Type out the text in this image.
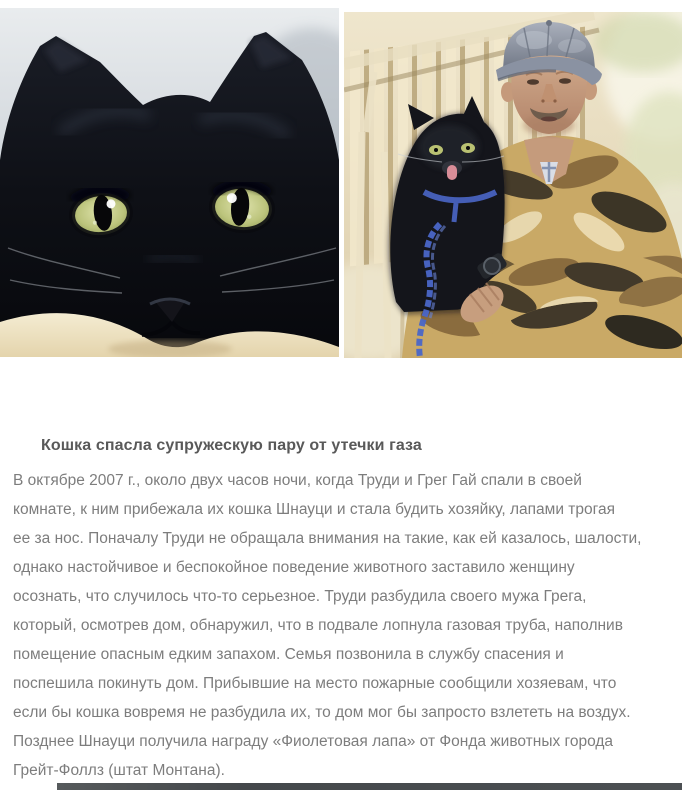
Кошка спасла супружескую пару от утечки газа

В октябре 2007 г., около двух часов ночи, когда Труди и Грег Гай спали в своей

комнате, к ним прибежала их кошка Шнауци и стала будить хозяйку, лапами трогая

ее за нос. Поначалу Труди не обращала внимания на такие, как ей казалось, шалости,

однако настойчивое и беспокойное поведение животного заставило женщину

осознать, что случилось что-то серьезное. Труди разбудила своего мужа Грега,

который, осмотрев дом, обнаружил, что в подвале лопнула газовая труба, наполнив

помещение опасным едким запахом. Семья позвонила в службу спасения и

поспешила покинуть дом. Прибывшие на место пожарные сообщили хозяевам, что

если бы кошка вовремя не разбудила их, то дом мог бы запросто взлететь на воздух.

Позднее Шнауци получила награду «Фиолетовая лапа» от Фонда животных города

Грейт-Фоллз (штат Монтана).
